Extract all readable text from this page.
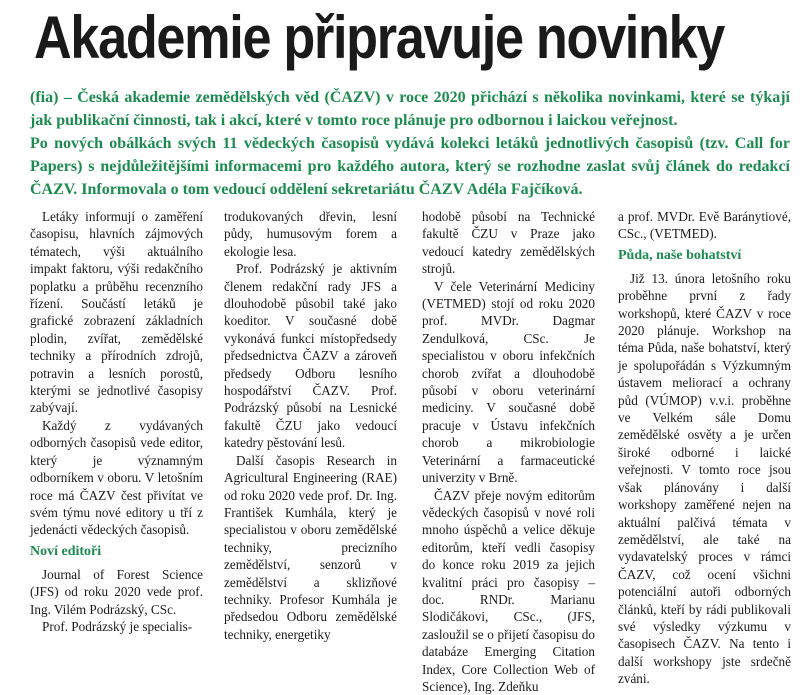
Akademie připravuje novinky

(fia) – Česká akademie zemědělských věd (ČAZV) v roce 2020 přichází s několika novinkami, které se týkají jak publikační činnosti, tak i akcí, které v tomto roce plánuje pro odbornou i laickou veřejnost.

Po nových obálkách svých 11 vědeckých časopisů vydává kolekci letáků jednotlivých časopisů (tzv. Call for Papers) s nejdůležitějšími informacemi pro každého autora, který se rozhodne zaslat svůj článek do redakcí ČAZV. Informovala o tom vedoucí oddělení sekretariátu ČAZV Adéla Fajčíková.

Letáky informují o zaměření časopisu, hlavních zájmových tématech, výši aktuálního impakt faktoru, výši redakčního poplatku a průběhu recenzního řízení. Součástí letáků je grafické zobrazení základních plodin, zvířat, zemědělské techniky a přírodních zdrojů, potravin a lesních porostů, kterými se jednotlivé časopisy zabývají.

Každý z vydávaných odborných časopisů vede editor, který je významným odborníkem v oboru. V letošním roce má ČAZV čest přivítat ve svém týmu nové editory u tří z jedenácti vědeckých časopisů.

Noví editoři

Journal of Forest Science (JFS) od roku 2020 vede prof. Ing. Vilém Podrázský, CSc.

Prof. Podrázský je specialis-

trodukovaných dřevin, lesní půdy, humusovým forem a ekologie lesa.

Prof. Podrázský je aktivním členem redakční rady JFS a dlouhodobě působil také jako koeditor. V současné době vykonává funkci místopředsedy předsednictva ČAZV a zároveň předsedy Odboru lesního hospodářství ČAZV. Prof. Podrázský působí na Lesnické fakultě ČZU jako vedoucí katedry pěstování lesů.

Další časopis Research in Agricultural Engineering (RAE) od roku 2020 vede prof. Dr. Ing. František Kumhála, který je specialistou v oboru zemědělské techniky, precizního zemědělství, senzorů v zemědělství a sklizňové techniky. Profesor Kumhála je předsedou Odboru zemědělské techniky, energetiky

hodobě působí na Technické fakultě ČZU v Praze jako vedoucí katedry zemědělských strojů.

V čele Veterinární Mediciny (VETMED) stojí od roku 2020 prof. MVDr. Dagmar Zendulková, CSc. Je specialistou v oboru infekčních chorob zvířat a dlouhodobě působí v oboru veterinární mediciny. V současné době pracuje v Ústavu infekčních chorob a mikrobiologie Veterinární a farmaceutické univerzity v Brně.

ČAZV přeje novým editorům vědeckých časopisů v nové roli mnoho úspěchů a velice děkuje editorům, kteří vedli časopisy do konce roku 2019 za jejich kvalitní práci pro časopisy – doc. RNDr. Marianu Slodičákovi, CSc., (JFS, zasloužil se o přijetí časopisu do databáze Emerging Citation Index, Core Collection Web of Science), Ing. Zdeňku

a prof. MVDr. Evě Baránytiové, CSc., (VETMED).

Půda, naše bohatství

Již 13. února letošního roku proběhne první z řady workshopů, které ČAZV v roce 2020 plánuje. Workshop na téma Půda, naše bohatství, který je spolupořádán s Výzkumným ústavem meliorací a ochrany půd (VÚMOP) v.v.i. proběhne ve Velkém sále Domu zemědělské osvěty a je určen široké odborné i laické veřejnosti. V tomto roce jsou však plánovány i další workshopy zaměřené nejen na aktuální palčivá témata v zemědělství, ale také na vydavatelský proces v rámci ČAZV, což ocení všichni potenciální autoři odborných článků, kteří by rádi publikovali své výsledky výzkumu v časopisech ČAZV. Na tento i další workshopy jste srdečně zváni.
